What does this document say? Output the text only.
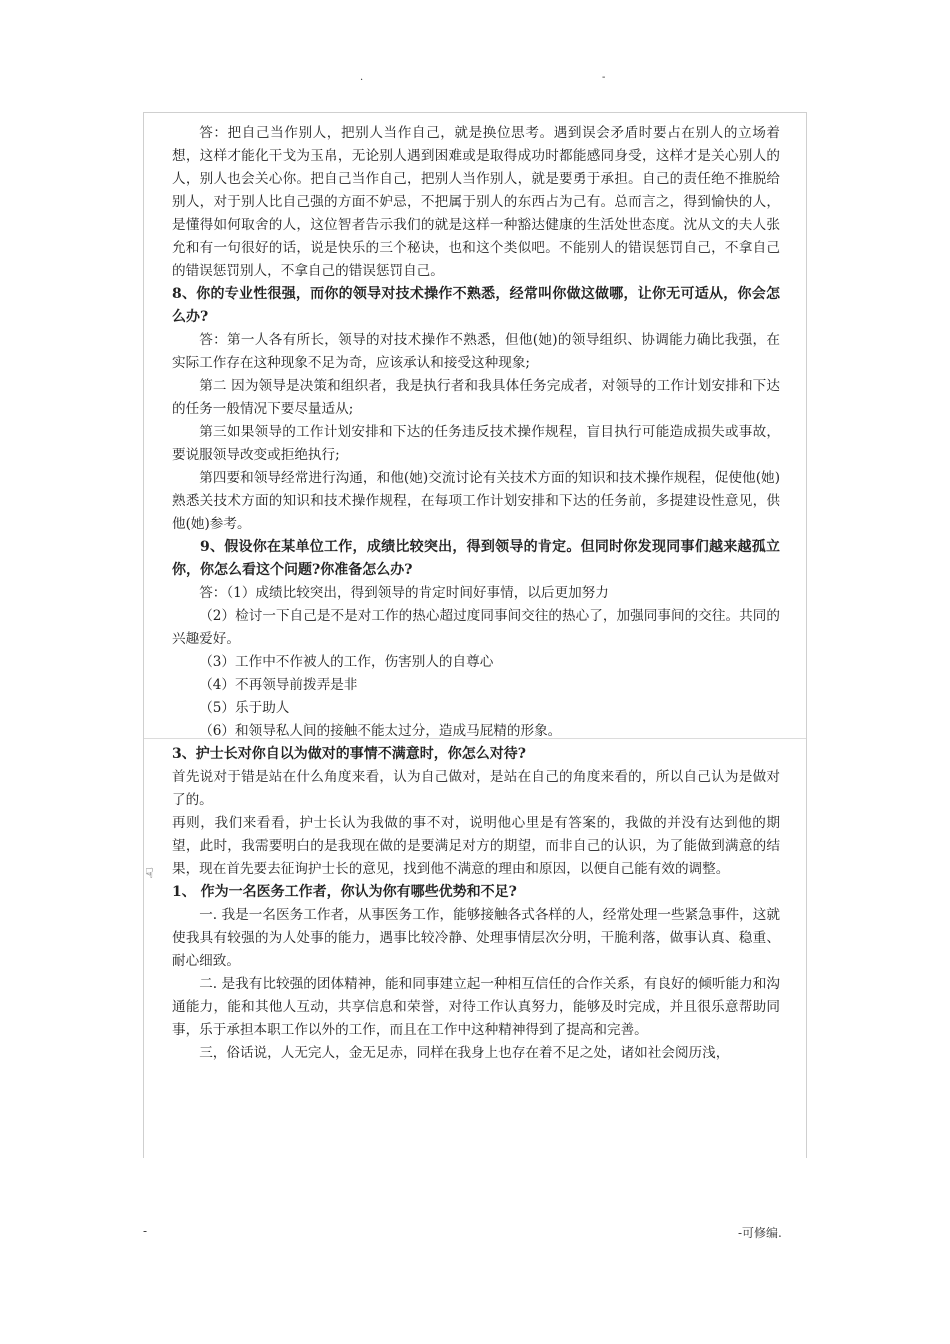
.	-
☟

答：把自己当作别人，把别人当作自己，就是换位思考。遇到误会矛盾时要占在别人的立场着想，这样才能化干戈为玉帛，无论别人遇到困难或是取得成功时都能感同身受，这样才是关心别人的人，别人也会关心你。把自己当作自己，把别人当作别人，就是要勇于承担。自己的责任绝不推脱给别人，对于别人比自己强的方面不妒忌，不把属于别人的东西占为己有。总而言之，得到愉快的人，是懂得如何取舍的人，这位智者告示我们的就是这样一种豁达健康的生活处世态度。沈从文的夫人张允和有一句很好的话，说是快乐的三个秘诀，也和这个类似吧。不能别人的错误惩罚自己，不拿自己的错误惩罚别人，不拿自己的错误惩罚自己。

8、你的专业性很强，而你的领导对技术操作不熟悉，经常叫你做这做哪，让你无可适从，你会怎么办?

答：第一人各有所长，领导的对技术操作不熟悉，但他(她)的领导组织、协调能力确比我强，在实际工作存在这种现象不足为奇，应该承认和接受这种现象;

第二 因为领导是决策和组织者，我是执行者和我具体任务完成者，对领导的工作计划安排和下达的任务一般情况下要尽量适从;

第三如果领导的工作计划安排和下达的任务违反技术操作规程，盲目执行可能造成损失或事故，要说服领导改变或拒绝执行;

第四要和领导经常进行沟通，和他(她)交流讨论有关技术方面的知识和技术操作规程，促使他(她)熟悉关技术方面的知识和技术操作规程，在每项工作计划安排和下达的任务前，多提建设性意见，供他(她)参考。

9、假设你在某单位工作，成绩比较突出，得到领导的肯定。但同时你发现同事们越来越孤立你，你怎么看这个问题?你准备怎么办?

答：（1）成绩比较突出，得到领导的肯定时间好事情，以后更加努力

（2）检讨一下自己是不是对工作的热心超过度同事间交往的热心了，加强同事间的交往。共同的兴趣爱好。

（3）工作中不作被人的工作，伤害别人的自尊心

（4）不再领导前拨弄是非

（5）乐于助人

（6）和领导私人间的接触不能太过分，造成马屁精的形象。

3、护士长对你自以为做对的事情不满意时，你怎么对待?

首先说对于错是站在什么角度来看，认为自己做对，是站在自己的角度来看的，所以自己认为是做对了的。

再则，我们来看看，护士长认为我做的事不对，说明他心里是有答案的，我做的并没有达到他的期望，此时，我需要明白的是我现在做的是要满足对方的期望，而非自己的认识，为了能做到满意的结果，现在首先要去征询护士长的意见，找到他不满意的理由和原因，以便自己能有效的调整。

1、 作为一名医务工作者，你认为你有哪些优势和不足?

一. 我是一名医务工作者，从事医务工作，能够接触各式各样的人，经常处理一些紧急事件，这就使我具有较强的为人处事的能力，遇事比较冷静、处理事情层次分明，干脆利落，做事认真、稳重、耐心细致。

二. 是我有比较强的团体精神，能和同事建立起一种相互信任的合作关系，有良好的倾听能力和沟通能力，能和其他人互动，共享信息和荣誉，对待工作认真努力，能够及时完成，并且很乐意帮助同事，乐于承担本职工作以外的工作，而且在工作中这种精神得到了提高和完善。

三，俗话说，人无完人，金无足赤，同样在我身上也存在着不足之处，诸如社会阅历浅，

-	-可修编.
